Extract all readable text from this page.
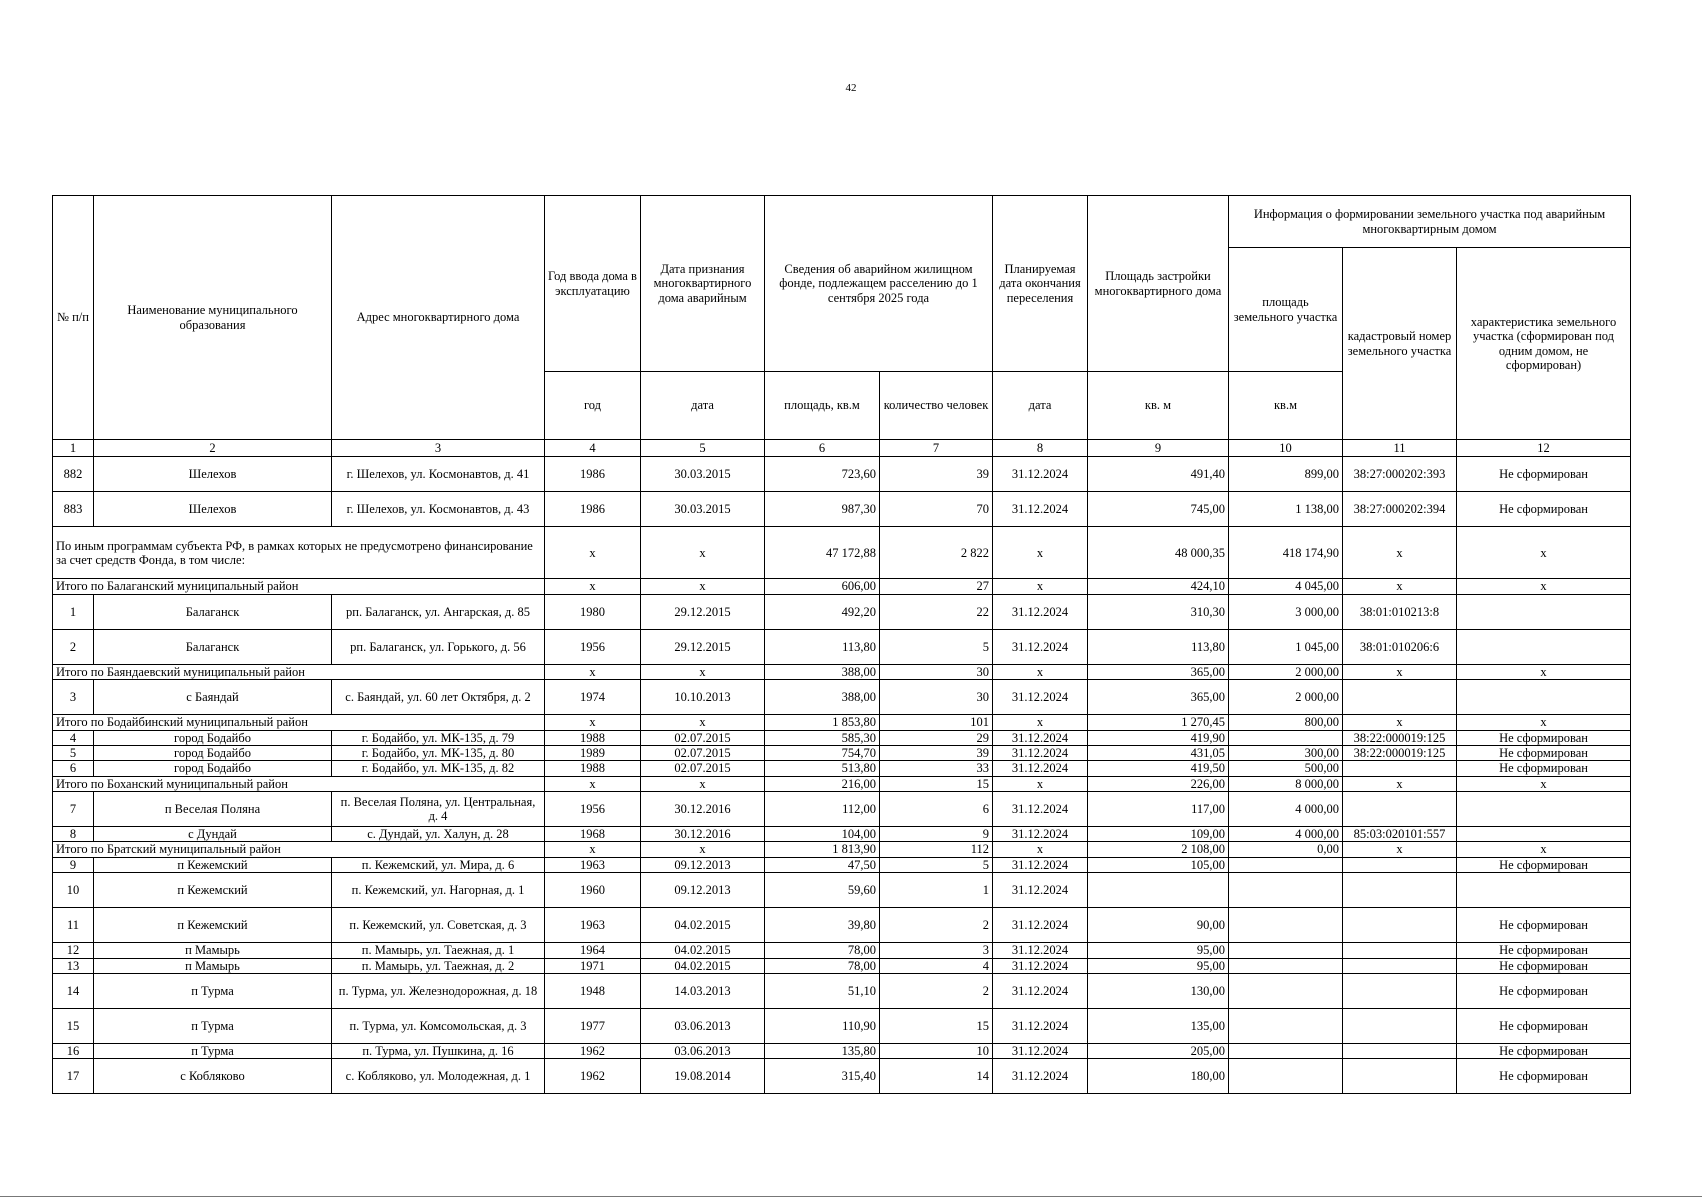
42
№ п/п	Наименование муниципального образования	Адрес многоквартирного дома	Год ввода дома в эксплуатацию	Дата признания многоквартирного дома аварийным	Сведения об аварийном жилищном фонде, подлежащем расселению до 1 сентября 2025 года		Планируемая дата окончания переселения	Площадь застройки многоквартирного дома	Информация о формировании земельного участка под аварийным многоквартирным домом		
									площадь земельного участка	кадастровый номер земельного участка	характеристика земельного участка (сформирован под одним домом, не сформирован)
			год	дата	площадь, кв.м	количество человек	дата	кв. м	кв.м		
1	2	3	4	5	6	7	8	9	10	11	12
882	Шелехов	г. Шелехов, ул. Космонавтов, д. 41	1986	30.03.2015	723,60	39	31.12.2024	491,40	899,00	38:27:000202:393	Не сформирован
883	Шелехов	г. Шелехов, ул. Космонавтов, д. 43	1986	30.03.2015	987,30	70	31.12.2024	745,00	1 138,00	38:27:000202:394	Не сформирован
По иным программам субъекта РФ, в рамках которых не предусмотрено финансирование за счет средств Фонда, в том числе:			x	x	47 172,88	2 822	x	48 000,35	418 174,90	x	x
Итого по Балаганский муниципальный район			x	x	606,00	27	x	424,10	4 045,00	x	x
1	Балаганск	рп. Балаганск, ул. Ангарская, д. 85	1980	29.12.2015	492,20	22	31.12.2024	310,30	3 000,00	38:01:010213:8	
2	Балаганск	рп. Балаганск, ул. Горького, д. 56	1956	29.12.2015	113,80	5	31.12.2024	113,80	1 045,00	38:01:010206:6	
Итого по Баяндаевский муниципальный район			x	x	388,00	30	x	365,00	2 000,00	x	x
3	с Баяндай	с. Баяндай, ул. 60 лет Октября, д. 2	1974	10.10.2013	388,00	30	31.12.2024	365,00	2 000,00		
Итого по Бодайбинский муниципальный район			x	x	1 853,80	101	x	1 270,45	800,00	x	x
4	город Бодайбо	г. Бодайбо, ул. МК-135, д. 79	1988	02.07.2015	585,30	29	31.12.2024	419,90		38:22:000019:125	Не сформирован
5	город Бодайбо	г. Бодайбо, ул. МК-135, д. 80	1989	02.07.2015	754,70	39	31.12.2024	431,05	300,00	38:22:000019:125	Не сформирован
6	город Бодайбо	г. Бодайбо, ул. МК-135, д. 82	1988	02.07.2015	513,80	33	31.12.2024	419,50	500,00		Не сформирован
Итого по Боханский муниципальный район			x	x	216,00	15	x	226,00	8 000,00	x	x
7	п Веселая Поляна	п. Веселая Поляна, ул. Центральная, д. 4	1956	30.12.2016	112,00	6	31.12.2024	117,00	4 000,00		
8	с Дундай	с. Дундай, ул. Халун, д. 28	1968	30.12.2016	104,00	9	31.12.2024	109,00	4 000,00	85:03:020101:557	
Итого по Братский муниципальный район			x	x	1 813,90	112	x	2 108,00	0,00	x	x
9	п Кежемский	п. Кежемский, ул. Мира, д. 6	1963	09.12.2013	47,50	5	31.12.2024	105,00			Не сформирован
10	п Кежемский	п. Кежемский, ул. Нагорная, д. 1	1960	09.12.2013	59,60	1	31.12.2024				
11	п Кежемский	п. Кежемский, ул. Советская, д. 3	1963	04.02.2015	39,80	2	31.12.2024	90,00			Не сформирован
12	п Мамырь	п. Мамырь, ул. Таежная, д. 1	1964	04.02.2015	78,00	3	31.12.2024	95,00			Не сформирован
13	п Мамырь	п. Мамырь, ул. Таежная, д. 2	1971	04.02.2015	78,00	4	31.12.2024	95,00			Не сформирован
14	п Турма	п. Турма, ул. Железнодорожная, д. 18	1948	14.03.2013	51,10	2	31.12.2024	130,00			Не сформирован
15	п Турма	п. Турма, ул. Комсомольская, д. 3	1977	03.06.2013	110,90	15	31.12.2024	135,00			Не сформирован
16	п Турма	п. Турма, ул. Пушкина, д. 16	1962	03.06.2013	135,80	10	31.12.2024	205,00			Не сформирован
17	с Кобляково	с. Кобляково, ул. Молодежная, д. 1	1962	19.08.2014	315,40	14	31.12.2024	180,00			Не сформирован
